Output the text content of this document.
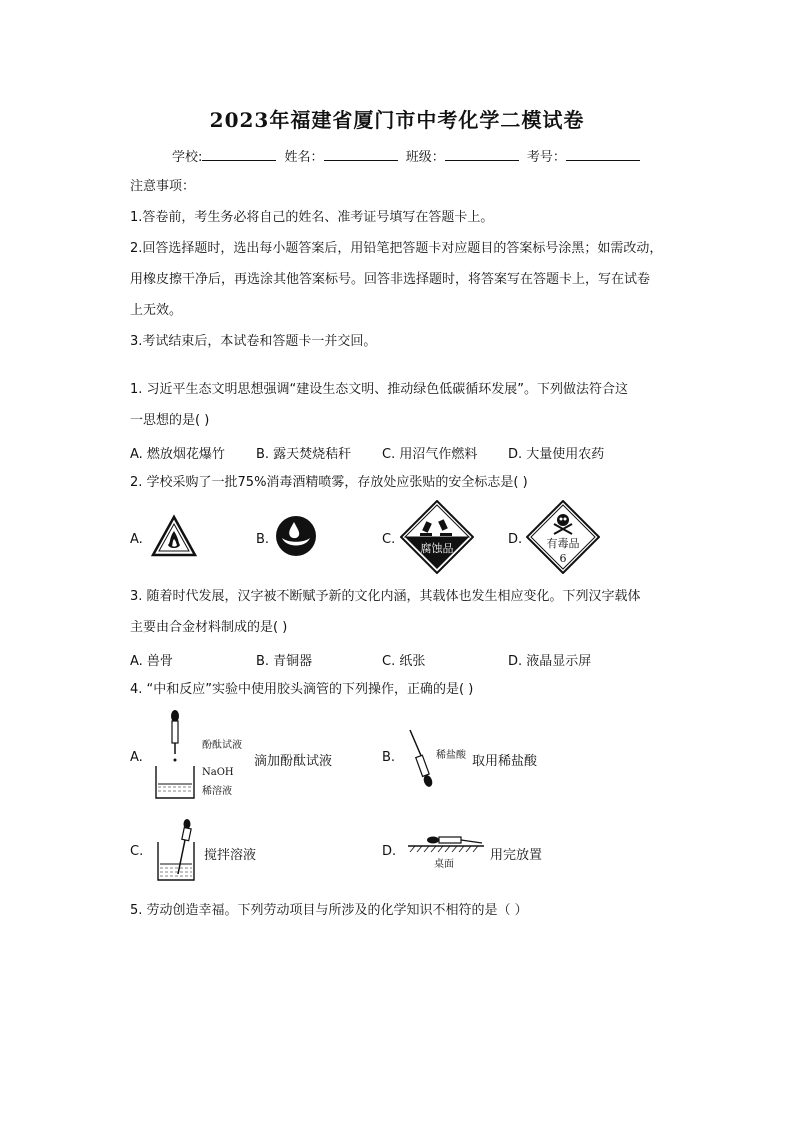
2023年福建省厦门市中考化学二模试卷
学校:	姓名：	班级：	考号：
注意事项：
1.答卷前，考生务必将自己的姓名、准考证号填写在答题卡上。
2.回答选择题时，选出每小题答案后，用铅笔把答题卡对应题目的答案标号涂黑；如需改动，
用橡皮擦干净后，再选涂其他答案标号。回答非选择题时，将答案写在答题卡上，写在试卷
上无效。
3.考试结束后，本试卷和答题卡一并交回。
1. 习近平生态文明思想强调“建设生态文明、推动绿色低碳循环发展”。下列做法符合这
一思想的是( )
A. 燃放烟花爆竹 B. 露天焚烧秸秆 C. 用沼气作燃料 D. 大量使用农药
2. 学校采购了一批75%消毒酒精喷雾，存放处应张贴的安全标志是( )
A.	B.	C.
腐蚀品
D.	有毒品
6
3. 随着时代发展，汉字被不断赋予新的文化内涵，其载体也发生相应变化。下列汉字载体
主要由合金材料制成的是( )
A. 兽骨	B. 青铜器	C. 纸张	D. 液晶显示屏
4. “中和反应”实验中使用胶头滴管的下列操作，正确的是( )
A.
酚酞试液
NaOH
稀溶液
滴加酚酞试液	B.	稀盐酸 取用稀盐酸
C.	搅拌溶液	D.
桌面
用完放置
5. 劳动创造幸福。下列劳动项目与所涉及的化学知识不相符的是（ ）
